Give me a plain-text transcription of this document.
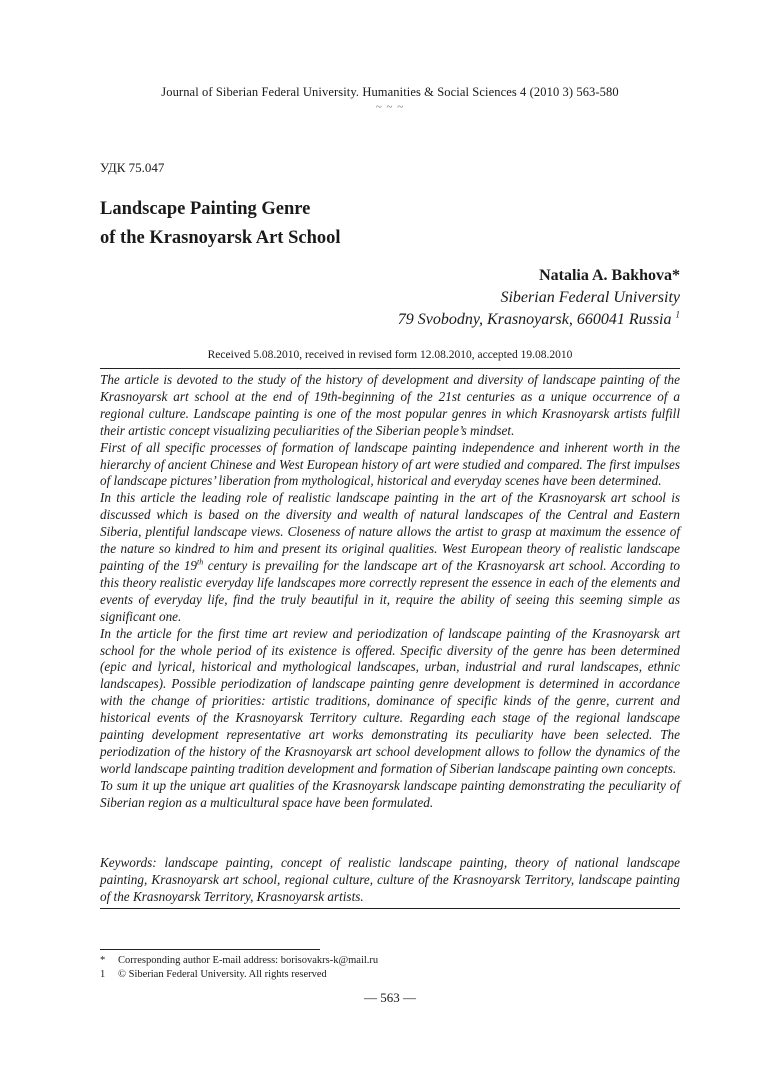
Journal of Siberian Federal University. Humanities & Social Sciences 4 (2010 3) 563-580
~ ~ ~
УДК 75.047
Landscape Painting Genre
of the Krasnoyarsk Art School
Natalia A. Bakhova*
Siberian Federal University
79 Svobodny, Krasnoyarsk, 660041 Russia $^1$
Received 5.08.2010, received in revised form 12.08.2010, accepted 19.08.2010

The article is devoted to the study of the history of development and diversity of landscape painting of the Krasnoyarsk art school at the end of 19th-beginning of the 21st centuries as a unique occurrence of a regional culture. Landscape painting is one of the most popular genres in which Krasnoyarsk artists fulfill their artistic concept visualizing peculiarities of the Siberian people’s mindset.

First of all specific processes of formation of landscape painting independence and inherent worth in the hierarchy of ancient Chinese and West European history of art were studied and compared. The first impulses of landscape pictures’ liberation from mythological, historical and everyday scenes have been determined.

In this article the leading role of realistic landscape painting in the art of the Krasnoyarsk art school is discussed which is based on the diversity and wealth of natural landscapes of the Central and Eastern Siberia, plentiful landscape views. Closeness of nature allows the artist to grasp at maximum the essence of the nature so kindred to him and present its original qualities. West European theory of realistic landscape painting of the 19th century is prevailing for the landscape art of the Krasnoyarsk art school. According to this theory realistic everyday life landscapes more correctly represent the essence in each of the elements and events of everyday life, find the truly beautiful in it, require the ability of seeing this seeming simple as significant one.

In the article for the first time art review and periodization of landscape painting of the Krasnoyarsk art school for the whole period of its existence is offered. Specific diversity of the genre has been determined (epic and lyrical, historical and mythological landscapes, urban, industrial and rural landscapes, ethnic landscapes). Possible periodization of landscape painting genre development is determined in accordance with the change of priorities: artistic traditions, dominance of specific kinds of the genre, current and historical events of the Krasnoyarsk Territory culture. Regarding each stage of the regional landscape painting development representative art works demonstrating its peculiarity have been selected. The periodization of the history of the Krasnoyarsk art school development allows to follow the dynamics of the world landscape painting tradition development and formation of Siberian landscape painting own concepts.

To sum it up the unique art qualities of the Krasnoyarsk landscape painting demonstrating the peculiarity of Siberian region as a multicultural space have been formulated.

Keywords: landscape painting, concept of realistic landscape painting, theory of national landscape painting, Krasnoyarsk art school, regional culture, culture of the Krasnoyarsk Territory, landscape painting of the Krasnoyarsk Territory, Krasnoyarsk artists.
*	Corresponding author E-mail address: borisovakrs-k@mail.ru
1	© Siberian Federal University. All rights reserved
— 563 —
